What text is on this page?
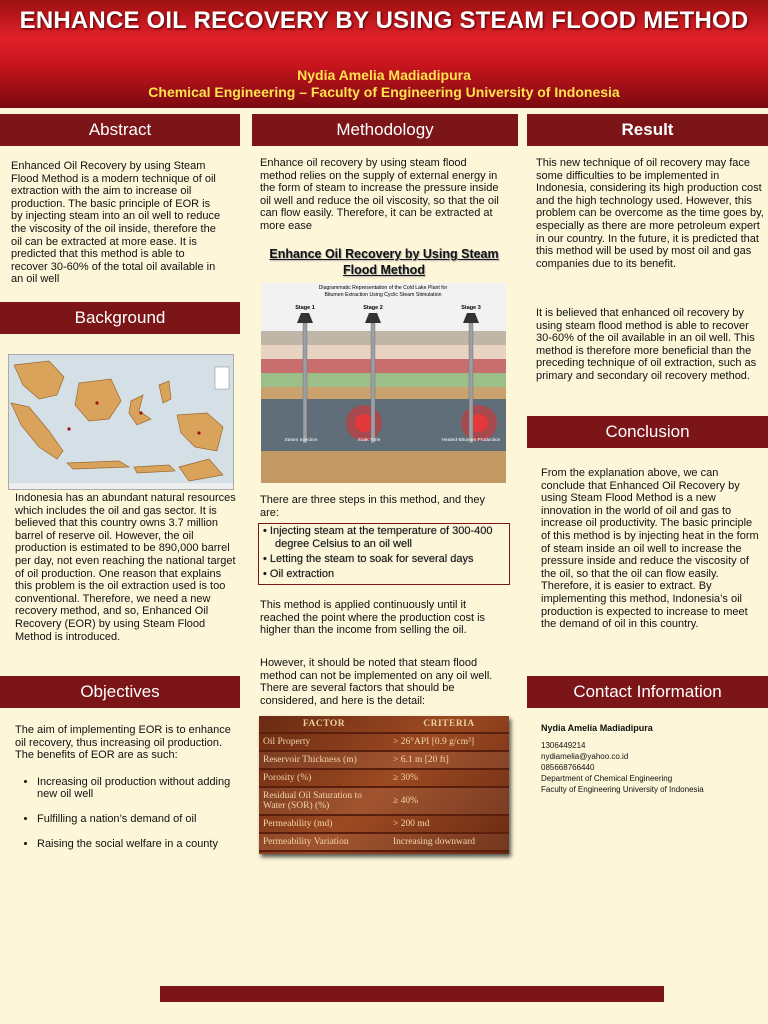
ENHANCE OIL RECOVERY BY USING STEAM FLOOD METHOD
Nydia Amelia Madiadipura
Chemical Engineering – Faculty of Engineering University of Indonesia
Abstract
Enhanced Oil Recovery by using Steam Flood Method is a modern technique of oil extraction with the aim to increase oil production. The basic principle of EOR is by injecting steam into an oil well to reduce the viscosity of the oil inside, therefore the oil can be extracted at more ease. It is predicted that this method is able to recover 30-60% of the total oil available in an oil well
Background
Indonesia has an abundant natural resources which includes the oil and gas sector. It is believed that this country owns 3.7 million barrel of reserve oil. However, the oil production is estimated to be 890,000 barrel per day, not even reaching the national target of oil production. One reason that explains this problem is the oil extraction used is too conventional. Therefore, we need a new recovery method, and so, Enhanced Oil Recovery (EOR) by using Steam Flood Method is introduced.
Objectives

The aim of implementing EOR is to enhance oil recovery, thus increasing oil production. The benefits of EOR are as such:

• Increasing oil production without adding new oil well
• Fulfilling a nation’s demand of oil
• Raising the social welfare in a county
Methodology
Enhance oil recovery by using steam flood method relies on the supply of external energy in the form of steam to increase the pressure inside oil well and reduce the oil viscosity, so that the oil can flow easily. Therefore, it can be extracted at more ease
Enhance Oil Recovery by Using Steam Flood Method
Diagrammatic Representation of the Cold Lake Plant for
Bitumen Extraction Using Cyclic Steam Stimulation
Stage 1	Stage 2	Stage 3
Steam Injection	Soak Time	Heated-Bitumen Production
There are three steps in this method, and they are:
• Injecting steam at the temperature of 300-400 degree Celsius to an oil well
• Letting the steam to soak for several days
• Oil extraction
This method is applied continuously until it reached the point where the production cost is higher than the income from selling the oil.
However, it should be noted that steam flood method can not be implemented on any oil well. There are several factors that should be considered, and here is the detail:
FACTOR	CRITERIA
Oil Property	> 26°API [0.9 g/cm³]
Reservoir Thickness (m)	> 6.1 m [20 ft]
Porosity (%)	≥ 30%
Residual Oil Saturation to Water (SOR) (%)	≥ 40%
Permeability (md)	> 200 md
Permeability Variation	Increasing downward
Result
This new technique of oil recovery may face some difficulties to be implemented in Indonesia, considering its high production cost and the high technology used. However, this problem can be overcome as the time goes by, especially as there are more petroleum expert in our country. In the future, it is predicted that this method will be used by most oil and gas companies due to its benefit.
It is believed that enhanced oil recovery by using steam flood method is able to recover 30-60% of the oil available in an oil well. This method is therefore more beneficial than the preceding technique of oil extraction, such as primary and secondary oil recovery method.
Conclusion
From the explanation above, we can conclude that Enhanced Oil Recovery by using Steam Flood Method is a new innovation in the world of oil and gas to increase oil productivity. The basic principle of this method is by injecting heat in the form of steam inside an oil well to increase the pressure inside and reduce the viscosity of the oil, so that the oil can flow easily. Therefore, it is easier to extract. By implementing this method, Indonesia’s oil production is expected to increase to meet the demand of oil in this country.
Contact Information
Nydia Amelia Madiadipura
1306449214
nydiamelia@yahoo.co.id
085668766440
Department of Chemical Engineering
Faculty of Engineering University of Indonesia
